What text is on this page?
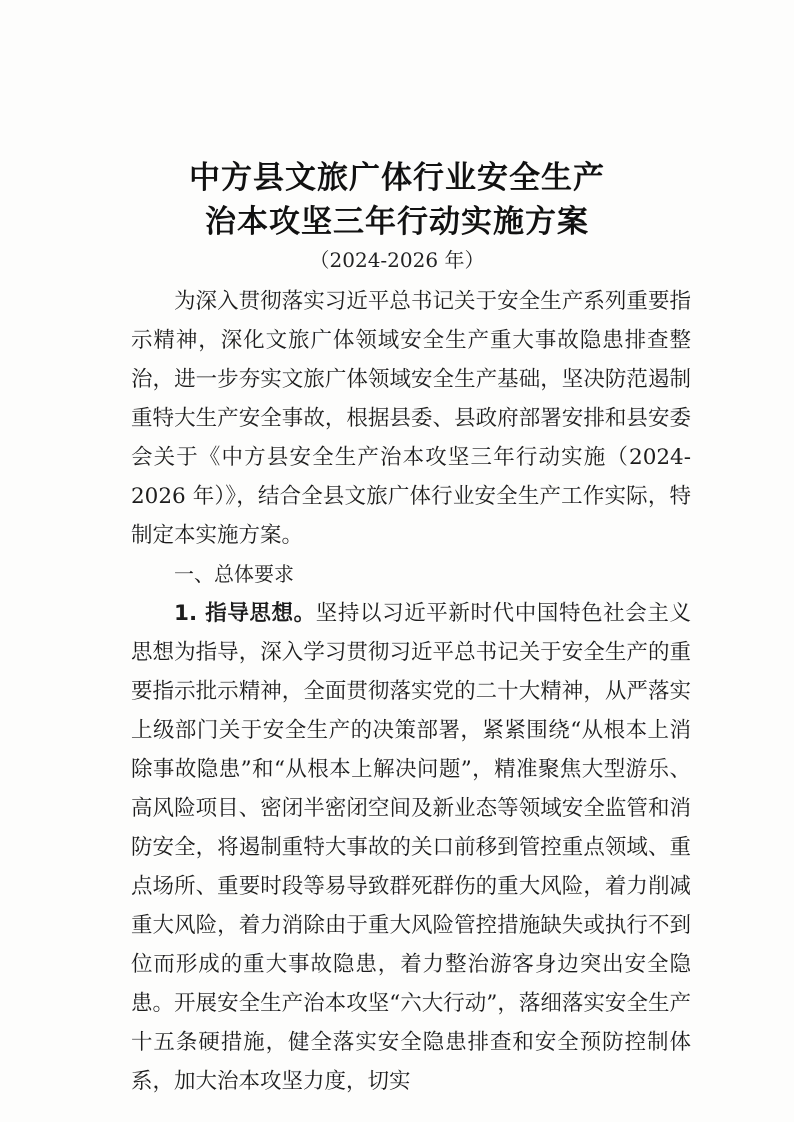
中方县文旅广体行业安全生产
治本攻坚三年行动实施方案
（2024-2026 年）

为深入贯彻落实习近平总书记关于安全生产系列重要指示精神，深化文旅广体领域安全生产重大事故隐患排查整治，进一步夯实文旅广体领域安全生产基础，坚决防范遏制重特大生产安全事故，根据县委、县政府部署安排和县安委会关于《中方县安全生产治本攻坚三年行动实施（2024-2026 年）》，结合全县文旅广体行业安全生产工作实际，特制定本实施方案。

一、总体要求

1. 指导思想。坚持以习近平新时代中国特色社会主义思想为指导，深入学习贯彻习近平总书记关于安全生产的重要指示批示精神，全面贯彻落实党的二十大精神，从严落实上级部门关于安全生产的决策部署，紧紧围绕“从根本上消除事故隐患”和“从根本上解决问题”，精准聚焦大型游乐、高风险项目、密闭半密闭空间及新业态等领域安全监管和消防安全，将遏制重特大事故的关口前移到管控重点领域、重点场所、重要时段等易导致群死群伤的重大风险，着力削减重大风险，着力消除由于重大风险管控措施缺失或执行不到位而形成的重大事故隐患，着力整治游客身边突出安全隐患。开展安全生产治本攻坚“六大行动”，落细落实安全生产十五条硬措施，健全落实安全隐患排查和安全预防控制体系，加大治本攻坚力度，切实
